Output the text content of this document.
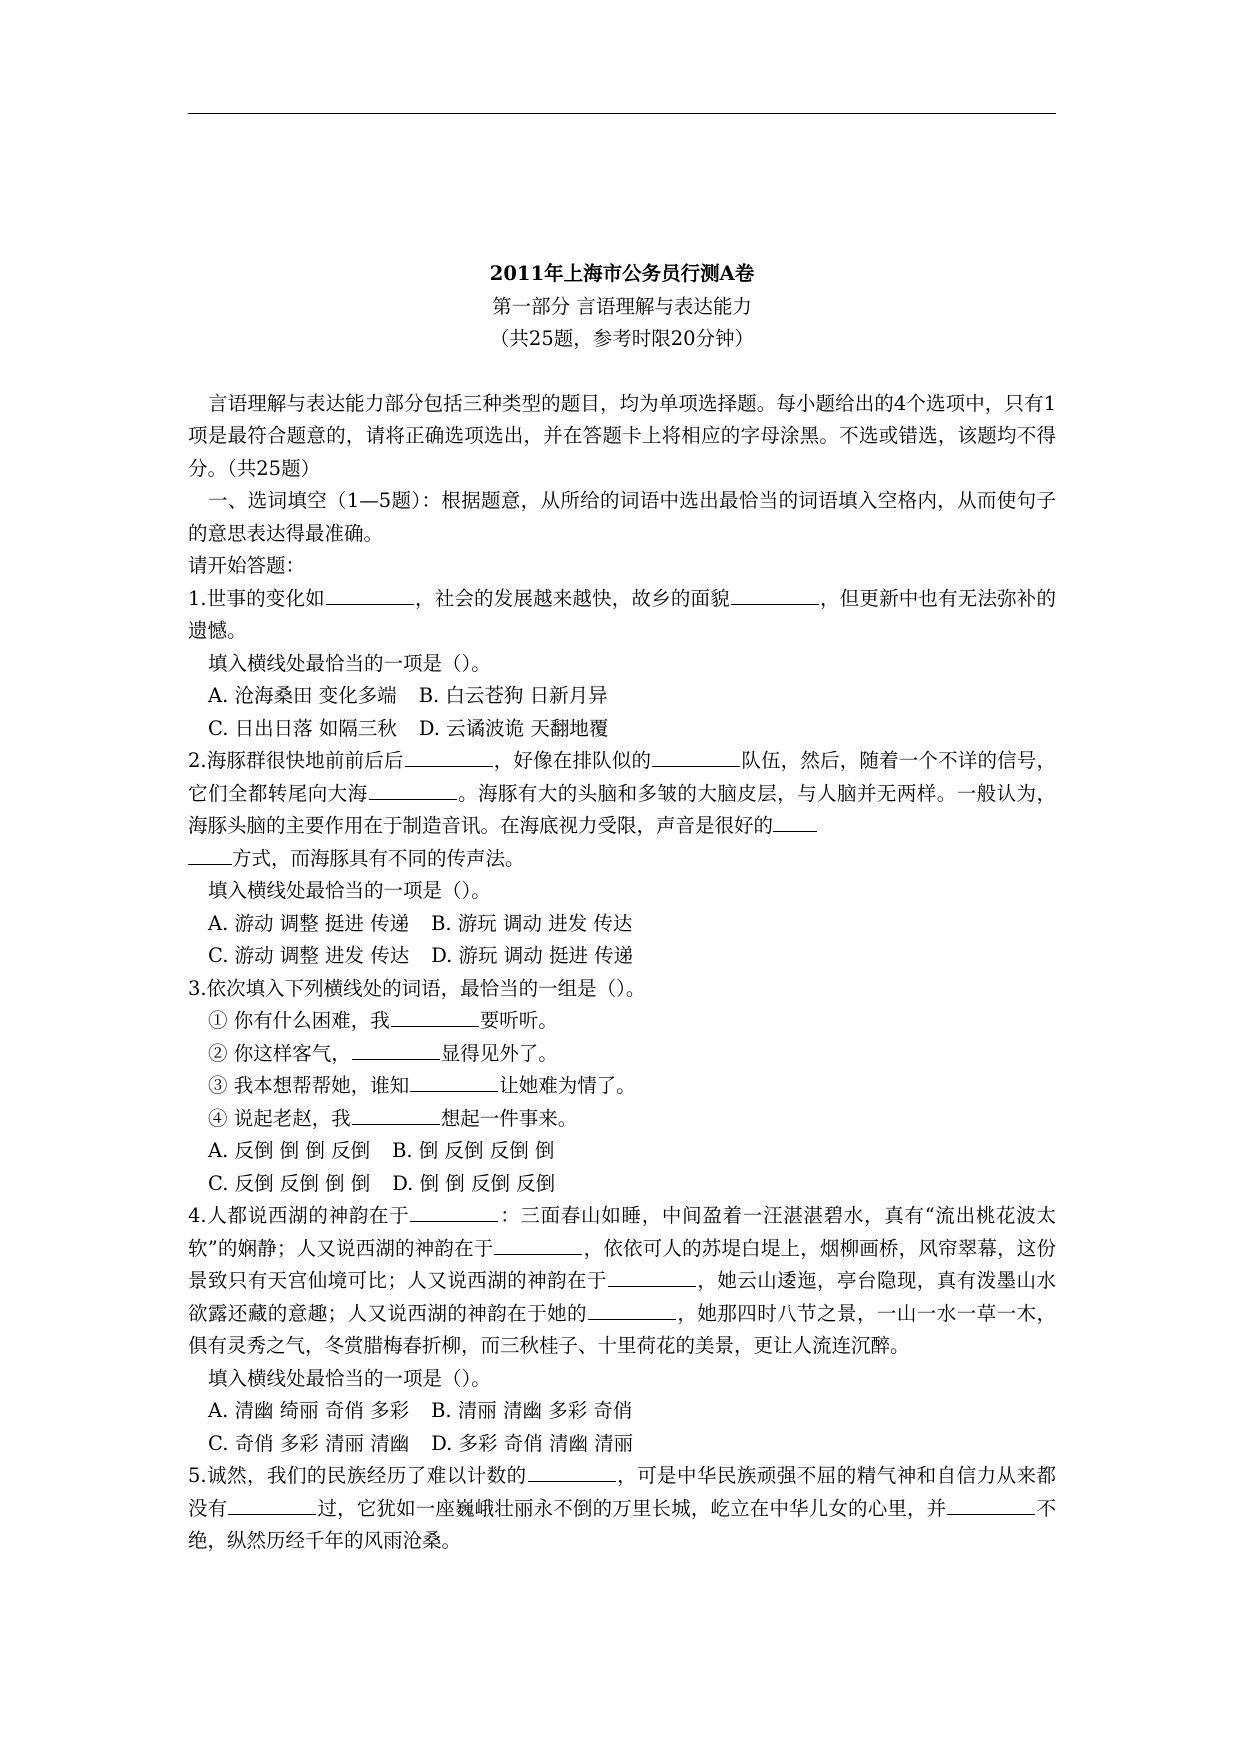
2011年上海市公务员行测A卷
第一部分 言语理解与表达能力
（共25题，参考时限20分钟）
言语理解与表达能力部分包括三种类型的题目，均为单项选择题。每小题给出的4个选项中，只有1项是最符合题意的，请将正确选项选出，并在答题卡上将相应的字母涂黑。不选或错选，该题均不得分。（共25题）
一、选词填空（1—5题）：根据题意，从所给的词语中选出最恰当的词语填入空格内，从而使句子的意思表达得最准确。
请开始答题：
1.世事的变化如	，社会的发展越来越快，故乡的面貌	，但更新中也有无法弥补的遗憾。
填入横线处最恰当的一项是（）。
A. 沧海桑田 变化多端 B. 白云苍狗 日新月异
C. 日出日落 如隔三秋 D. 云谲波诡 天翻地覆
2.海豚群很快地前前后后	，好像在排队似的	队伍，然后，随着一个不详的信号，它们全都转尾向大海	。海豚有大的头脑和多皱的大脑皮层，与人脑并无两样。一般认为，海豚头脑的主要作用在于制造音讯。在海底视力受限，声音是很好的
方式，而海豚具有不同的传声法。
填入横线处最恰当的一项是（）。
A. 游动 调整 挺进 传递 B. 游玩 调动 进发 传达
C. 游动 调整 进发 传达 D. 游玩 调动 挺进 传递
3.依次填入下列横线处的词语，最恰当的一组是（）。
① 你有什么困难，我	要听听。
② 你这样客气，	显得见外了。
③ 我本想帮帮她，谁知	让她难为情了。
④ 说起老赵，我	想起一件事来。
A. 反倒 倒 倒 反倒 B. 倒 反倒 反倒 倒
C. 反倒 反倒 倒 倒 D. 倒 倒 反倒 反倒
4.人都说西湖的神韵在于	：三面春山如睡，中间盈着一汪湛湛碧水，真有“流出桃花波太软”的娴静；人又说西湖的神韵在于	，依依可人的苏堤白堤上，烟柳画桥，风帘翠幕，这份景致只有天宫仙境可比；人又说西湖的神韵在于	，她云山逶迤，亭台隐现，真有泼墨山水欲露还藏的意趣；人又说西湖的神韵在于她的	，她那四时八节之景，一山一水一草一木，俱有灵秀之气，冬赏腊梅春折柳，而三秋桂子、十里荷花的美景，更让人流连沉醉。
填入横线处最恰当的一项是（）。
A. 清幽 绮丽 奇俏 多彩 B. 清丽 清幽 多彩 奇俏
C. 奇俏 多彩 清丽 清幽 D. 多彩 奇俏 清幽 清丽
5.诚然，我们的民族经历了难以计数的	，可是中华民族顽强不屈的精气神和自信力从来都没有	过，它犹如一座巍峨壮丽永不倒的万里长城，屹立在中华儿女的心里，并	不绝，纵然历经千年的风雨沧桑。
